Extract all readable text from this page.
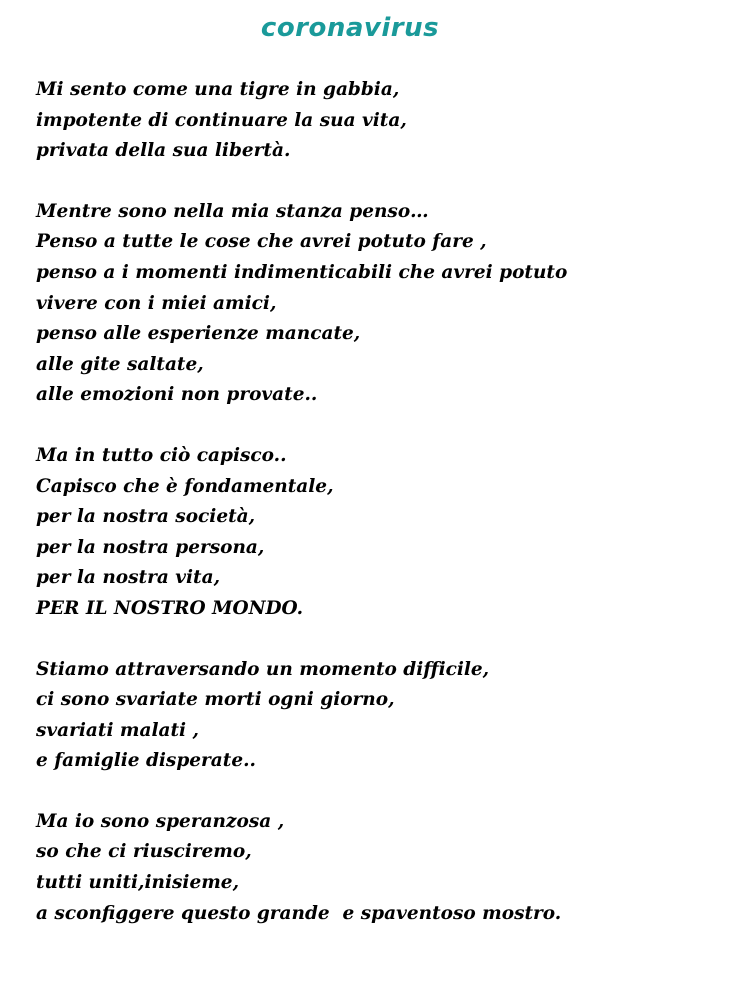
coronavirus
Mi sento come una tigre in gabbia,
impotente di continuare la sua vita,
privata della sua libertà.
Mentre sono nella mia stanza penso…
Penso a tutte le cose che avrei potuto fare ,
penso a i momenti indimenticabili che avrei potuto
vivere con i miei amici,
penso alle esperienze mancate,
alle gite saltate,
alle emozioni non provate..
Ma in tutto ciò capisco..
Capisco che è fondamentale,
per la nostra società,
per la nostra persona,
per la nostra vita,
PER IL NOSTRO MONDO.
Stiamo attraversando un momento difficile,
ci sono svariate morti ogni giorno,
svariati malati ,
e famiglie disperate..
Ma io sono speranzosa ,
so che ci riusciremo,
tutti uniti,inisieme,
a sconfiggere questo grande  e spaventoso mostro.
